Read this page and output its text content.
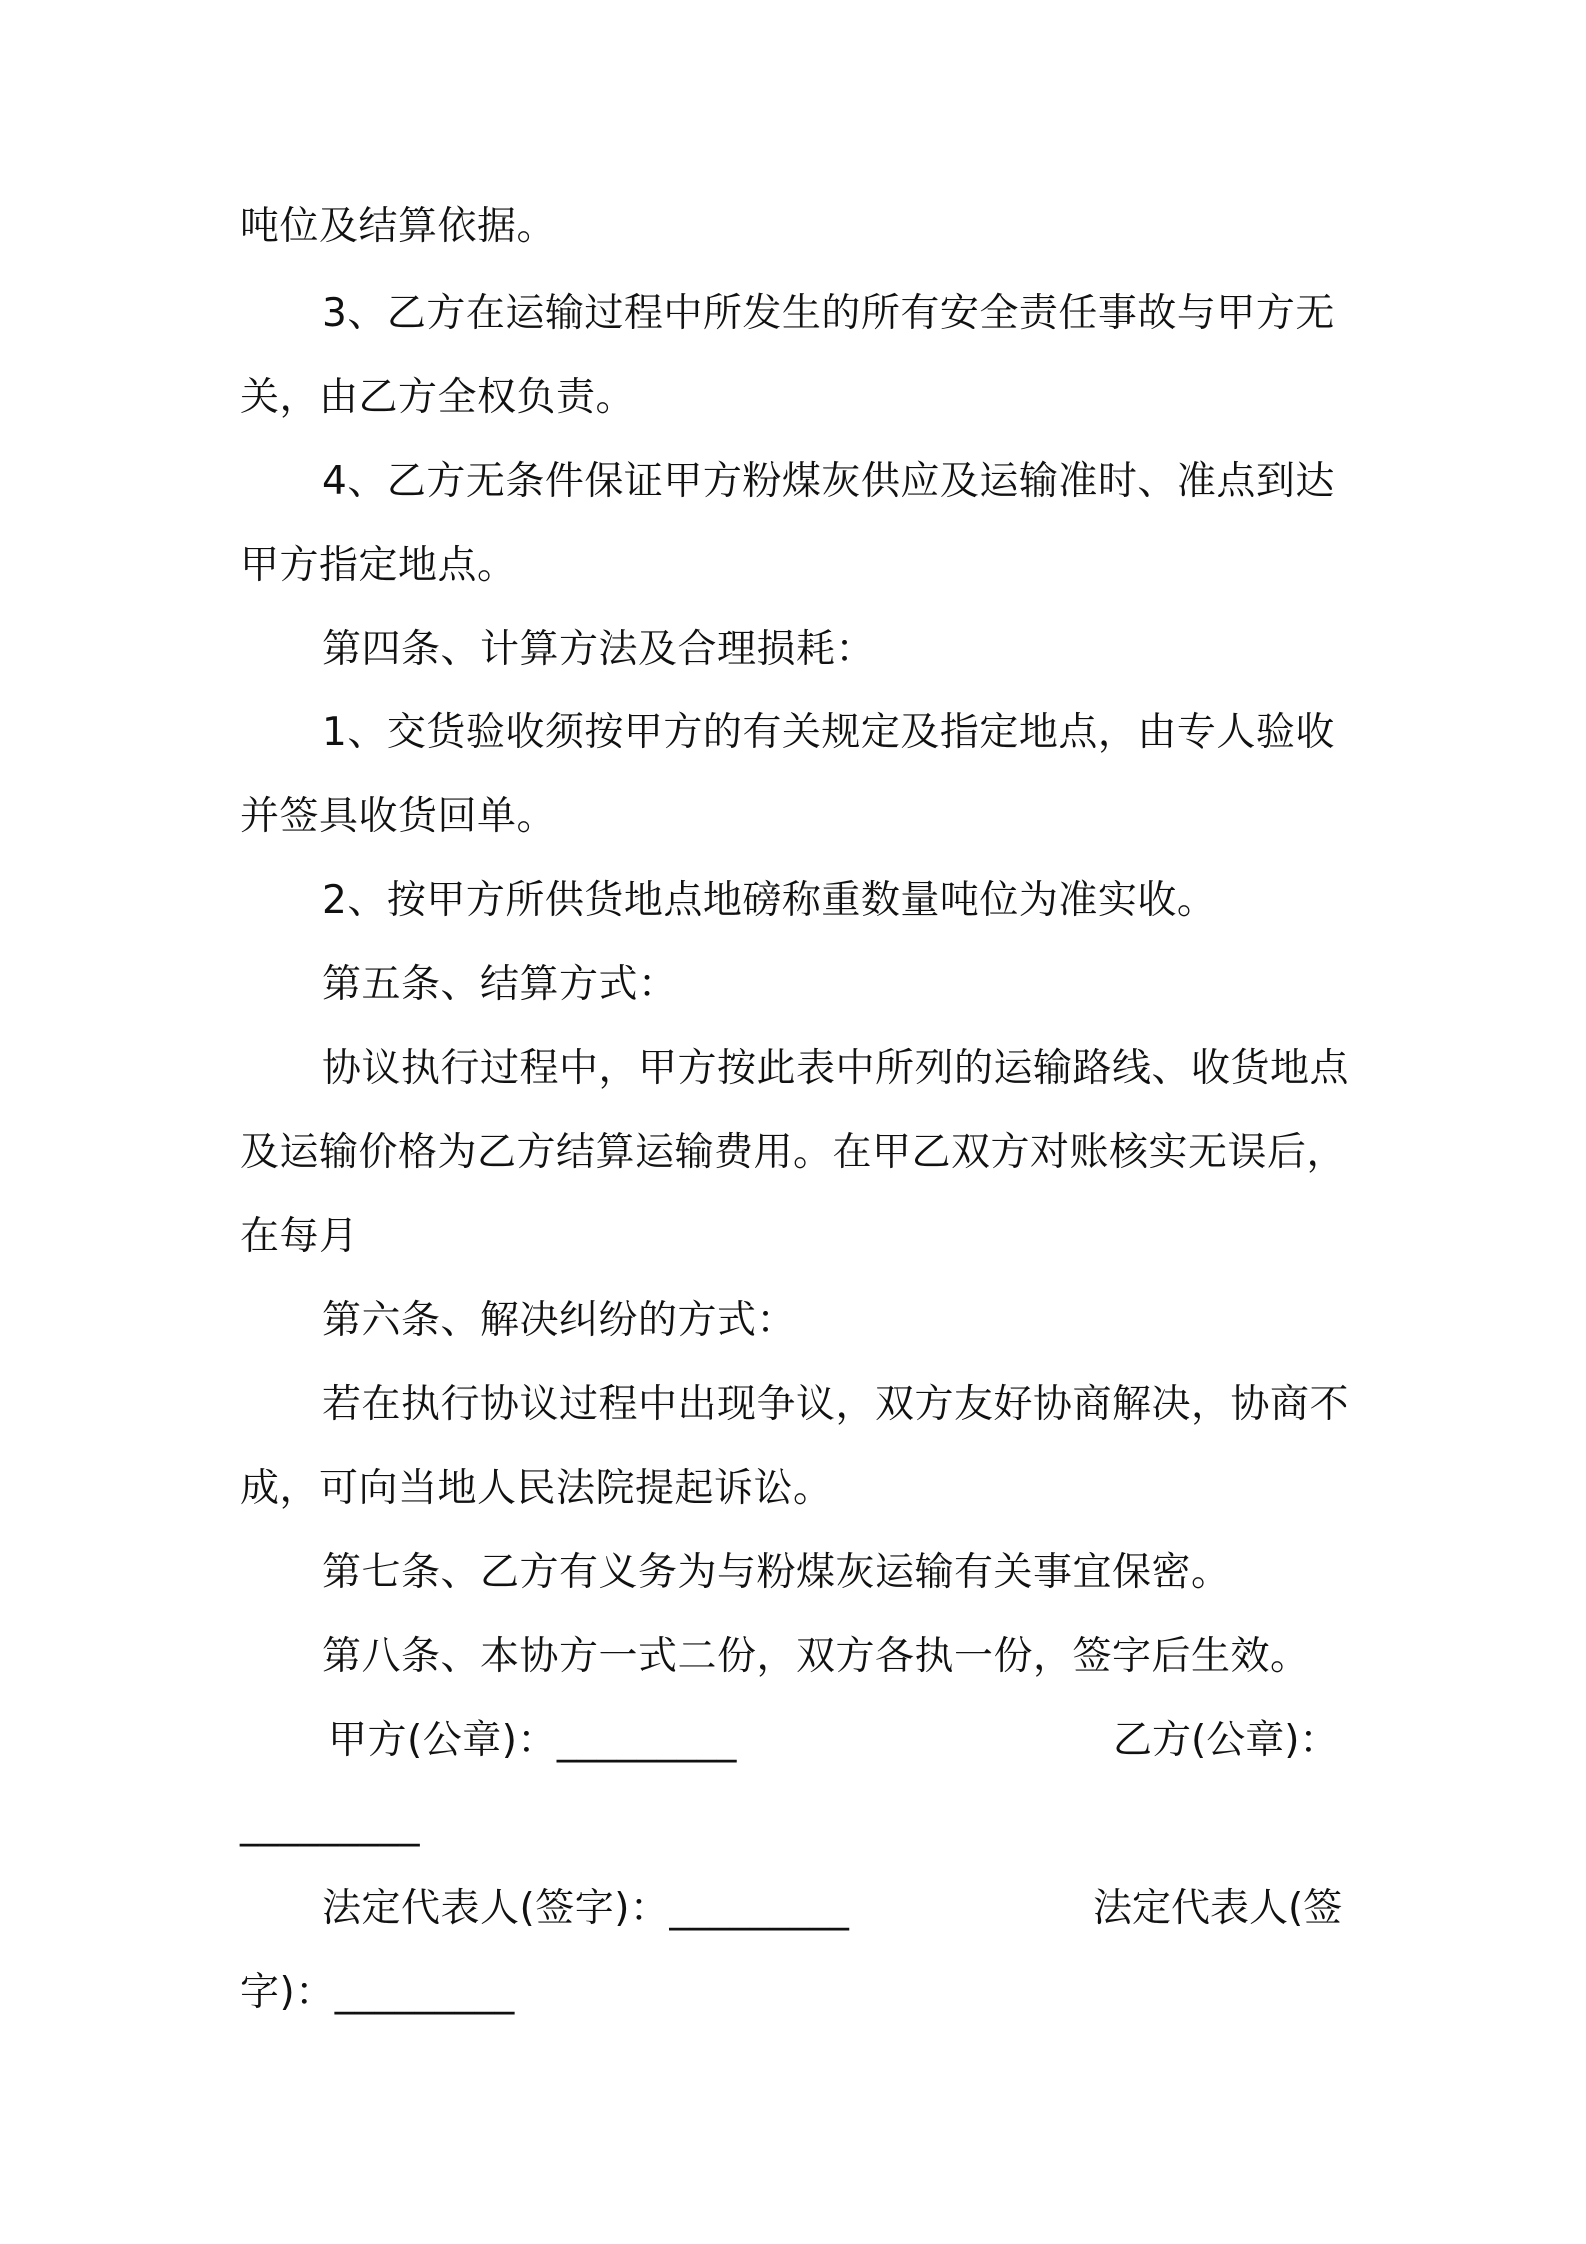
吨位及结算依据。
3、乙方在运输过程中所发生的所有安全责任事故与甲方无
关，由乙方全权负责。
4、乙方无条件保证甲方粉煤灰供应及运输准时、准点到达
甲方指定地点。
第四条、计算方法及合理损耗：
1、交货验收须按甲方的有关规定及指定地点，由专人验收
并签具收货回单。
2、按甲方所供货地点地磅称重数量吨位为准实收。
第五条、结算方式：
协议执行过程中，甲方按此表中所列的运输路线、收货地点
及运输价格为乙方结算运输费用。在甲乙双方对账核实无误后，
在每月
第六条、解决纠纷的方式：
若在执行协议过程中出现争议，双方友好协商解决，协商不
成，可向当地人民法院提起诉讼。
第七条、乙方有义务为与粉煤灰运输有关事宜保密。
第八条、本协方一式二份，双方各执一份，签字后生效。
甲方(公章)：_________	乙方(公章)：
_________
法定代表人(签字)：_________	法定代表人(签
字)：_________
